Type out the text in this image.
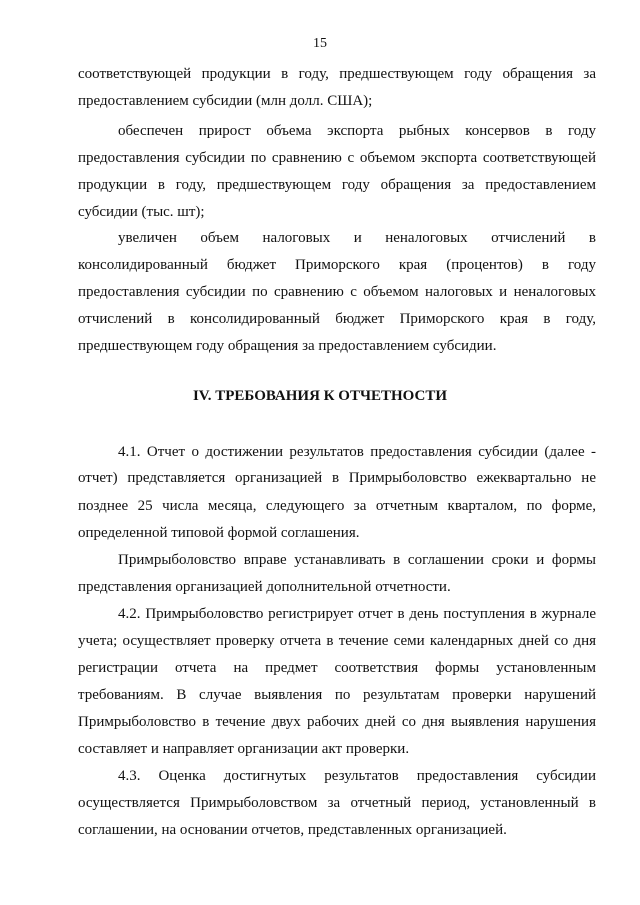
15
соответствующей продукции в году, предшествующем году обращения за
предоставлением субсидии (млн долл. США);
обеспечен прирост объема экспорта рыбных консервов в году
предоставления субсидии по сравнению с объемом экспорта соответствующей
продукции в году, предшествующем году обращения за предоставлением
субсидии (тыс. шт);
увеличен объем налоговых и неналоговых отчислений в
консолидированный бюджет Приморского края (процентов) в году
предоставления субсидии по сравнению с объемом налоговых и неналоговых
отчислений в консолидированный бюджет Приморского края в году,
предшествующем году обращения за предоставлением субсидии.
IV. ТРЕБОВАНИЯ К ОТЧЕТНОСТИ
4.1. Отчет о достижении результатов предоставления субсидии (далее -
отчет) представляется организацией в Примрыболовство ежеквартально не
позднее 25 числа месяца, следующего за отчетным кварталом, по форме,
определенной типовой формой соглашения.
Примрыболовство вправе устанавливать в соглашении сроки и формы
представления организацией дополнительной отчетности.
4.2. Примрыболовство регистрирует отчет в день поступления в журнале
учета; осуществляет проверку отчета в течение семи календарных дней со дня
регистрации отчета на предмет соответствия формы установленным
требованиям. В случае выявления по результатам проверки нарушений
Примрыболовство в течение двух рабочих дней со дня выявления нарушения
составляет и направляет организации акт проверки.
4.3. Оценка достигнутых результатов предоставления субсидии
осуществляется Примрыболовством за отчетный период, установленный в
соглашении, на основании отчетов, представленных организацией.
